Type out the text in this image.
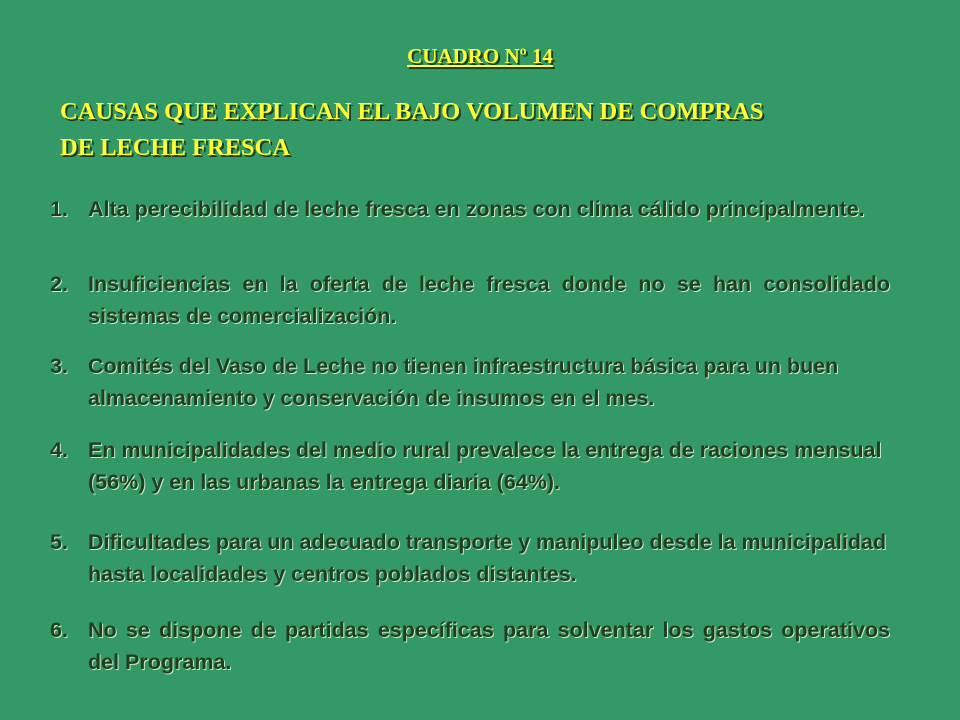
CUADRO Nº 14
CAUSAS QUE EXPLICAN EL BAJO VOLUMEN DE COMPRAS
DE LECHE FRESCA
1. Alta perecibilidad de leche fresca en zonas con clima cálido principalmente.
2. Insuficiencias en la oferta de leche fresca donde no se han consolidado sistemas de comercialización.
3. Comités del Vaso de Leche no tienen infraestructura básica para un buen almacenamiento y conservación de insumos en el mes.
4. En municipalidades del medio rural prevalece la entrega de raciones mensual (56%) y en las urbanas la entrega diaria (64%).
5. Dificultades para un adecuado transporte y manipuleo desde la municipalidad hasta localidades y centros poblados distantes.
6. No se dispone de partidas específicas para solventar los gastos operativos del Programa.
